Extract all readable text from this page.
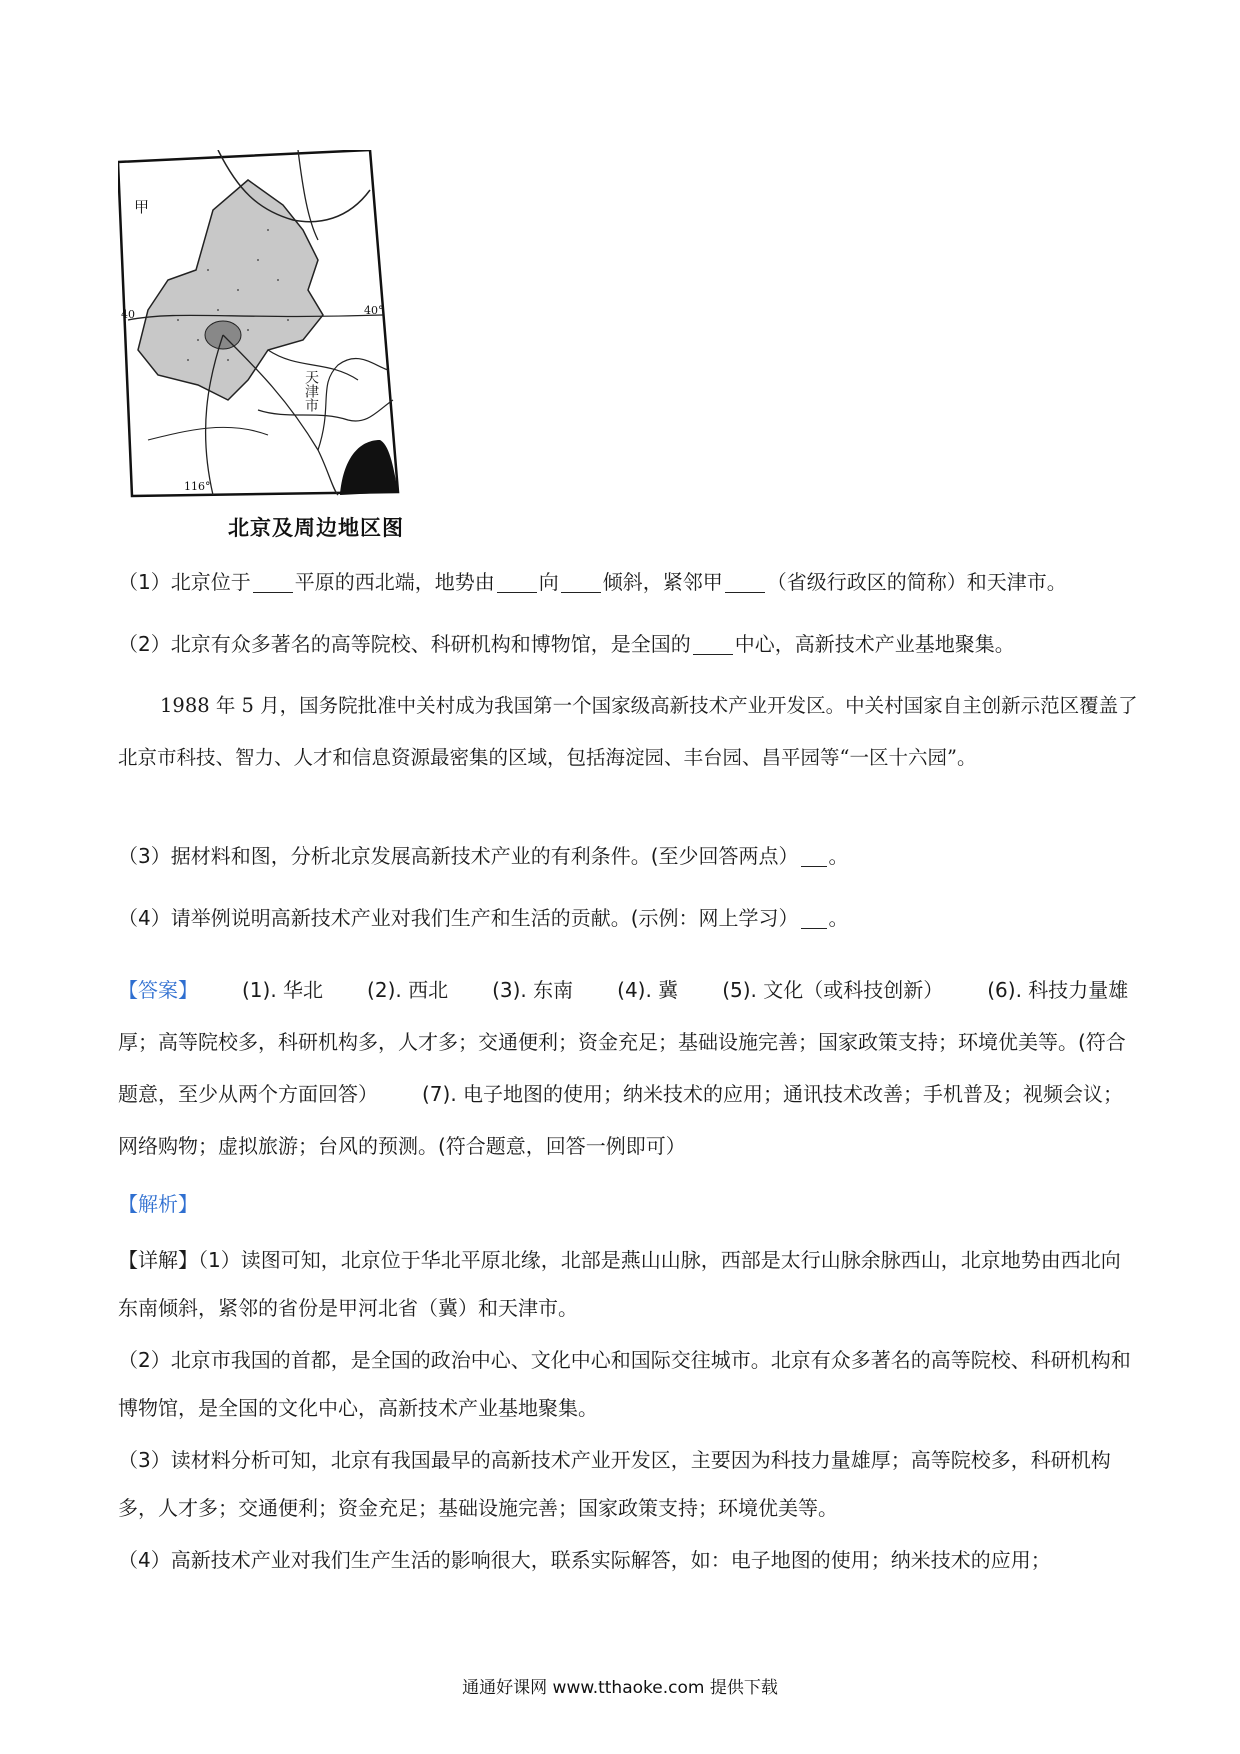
甲
天津市
40°
40
116°
北京及周边地区图
（1）北京位于 平原的西北端，地势由 向 倾斜，紧邻甲 （省级行政区的简称）和天津市。
（2）北京有众多著名的高等院校、科研机构和博物馆，是全国的 中心，高新技术产业基地聚集。
1988 年 5 月，国务院批准中关村成为我国第一个国家级高新技术产业开发区。中关村国家自主创新示范区覆盖了北京市科技、智力、人才和信息资源最密集的区域，包括海淀园、丰台园、昌平园等“一区十六园”。
（3）据材料和图，分析北京发展高新技术产业的有利条件。(至少回答两点） 。
（4）请举例说明高新技术产业对我们生产和生活的贡献。(示例：网上学习） 。
【答案】 (1). 华北 (2). 西北 (3). 东南 (4). 冀 (5). 文化（或科技创新） (6). 科技力量雄厚；高等院校多，科研机构多，人才多；交通便利；资金充足；基础设施完善；国家政策支持；环境优美等。(符合题意，至少从两个方面回答） (7). 电子地图的使用；纳米技术的应用；通讯技术改善；手机普及；视频会议；网络购物；虚拟旅游；台风的预测。(符合题意，回答一例即可）
【解析】
【详解】（1）读图可知，北京位于华北平原北缘，北部是燕山山脉，西部是太行山脉余脉西山，北京地势由西北向东南倾斜，紧邻的省份是甲河北省（冀）和天津市。
（2）北京市我国的首都，是全国的政治中心、文化中心和国际交往城市。北京有众多著名的高等院校、科研机构和博物馆，是全国的文化中心，高新技术产业基地聚集。
（3）读材料分析可知，北京有我国最早的高新技术产业开发区，主要因为科技力量雄厚；高等院校多，科研机构多，人才多；交通便利；资金充足；基础设施完善；国家政策支持；环境优美等。
（4）高新技术产业对我们生产生活的影响很大，联系实际解答，如：电子地图的使用；纳米技术的应用；
通通好课网 www.tthaoke.com 提供下载
